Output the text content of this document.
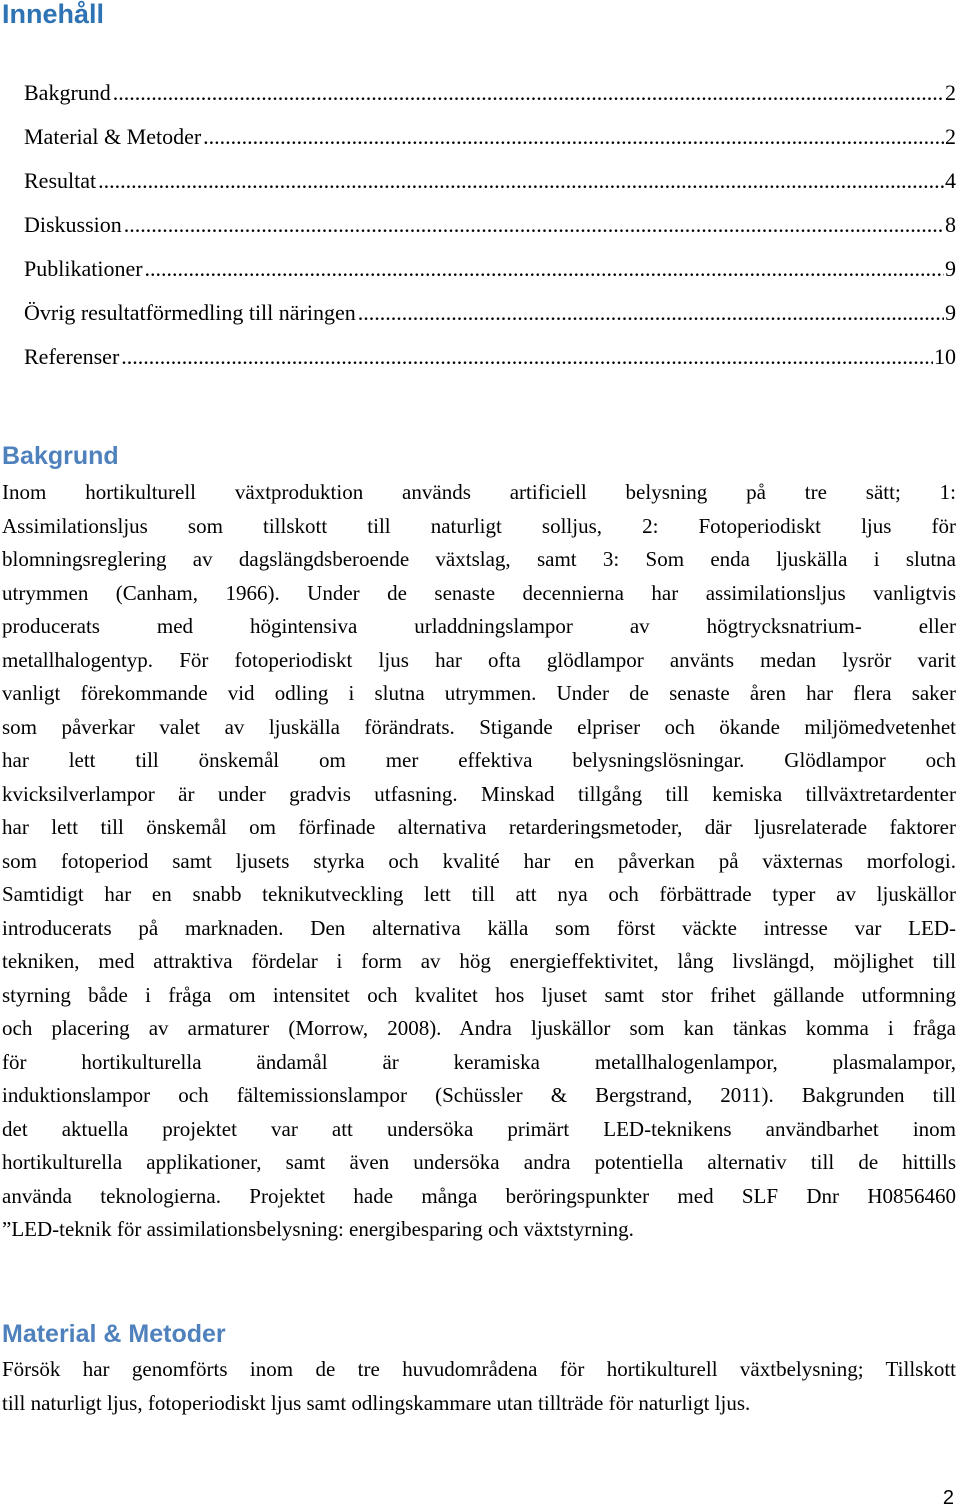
Innehåll
Bakgrund .....	2
Material & Metoder .....	2
Resultat .....	4
Diskussion .....	8
Publikationer .....	9
Övrig resultatförmedling till näringen .....	9
Referenser .....	10
Bakgrund

Inom hortikulturell växtproduktion används artificiell belysning på tre sätt; 1:
Assimilationsljus som tillskott till naturligt solljus, 2: Fotoperiodiskt ljus för
blomningsreglering av dagslängdsberoende växtslag, samt 3: Som enda ljuskälla i slutna
utrymmen (Canham, 1966). Under de senaste decennierna har assimilationsljus vanligtvis
producerats med högintensiva urladdningslampor av högtrycksnatrium- eller
metallhalogentyp. För fotoperiodiskt ljus har ofta glödlampor använts medan lysrör varit
vanligt förekommande vid odling i slutna utrymmen. Under de senaste åren har flera saker
som påverkar valet av ljuskälla förändrats. Stigande elpriser och ökande miljömedvetenhet
har lett till önskemål om mer effektiva belysningslösningar. Glödlampor och
kvicksilverlampor är under gradvis utfasning. Minskad tillgång till kemiska tillväxtretardenter
har lett till önskemål om förfinade alternativa retarderingsmetoder, där ljusrelaterade faktorer
som fotoperiod samt ljusets styrka och kvalité har en påverkan på växternas morfologi.
Samtidigt har en snabb teknikutveckling lett till att nya och förbättrade typer av ljuskällor
introducerats på marknaden. Den alternativa källa som först väckte intresse var LED-
tekniken, med attraktiva fördelar i form av hög energieffektivitet, lång livslängd, möjlighet till
styrning både i fråga om intensitet och kvalitet hos ljuset samt stor frihet gällande utformning
och placering av armaturer (Morrow, 2008). Andra ljuskällor som kan tänkas komma i fråga
för hortikulturella ändamål är keramiska metallhalogenlampor, plasmalampor,
induktionslampor och fältemissionslampor (Schüssler & Bergstrand, 2011). Bakgrunden till
det aktuella projektet var att undersöka primärt LED-teknikens användbarhet inom
hortikulturella applikationer, samt även undersöka andra potentiella alternativ till de hittills
använda teknologierna. Projektet hade många beröringspunkter med SLF Dnr H0856460
”LED-teknik för assimilationsbelysning: energibesparing och växtstyrning.

Material & Metoder

Försök har genomförts inom de tre huvudområdena för hortikulturell växtbelysning; Tillskott
till naturligt ljus, fotoperiodiskt ljus samt odlingskammare utan tillträde för naturligt ljus.

2
